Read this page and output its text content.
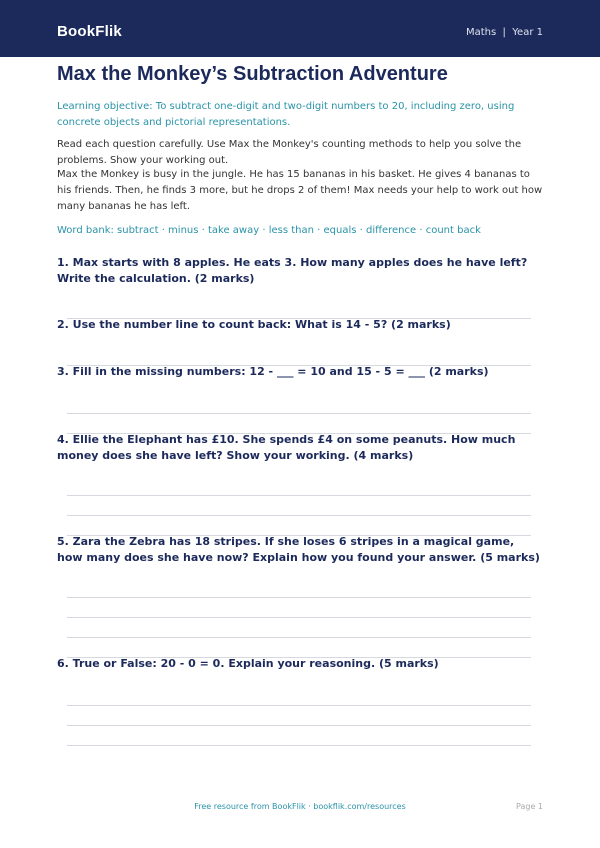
BookFlik	Maths  |  Year 1
Max the Monkey’s Subtraction Adventure

Learning objective: To subtract one-digit and two-digit numbers to 20, including zero, using concrete objects and pictorial representations.

Read each question carefully. Use Max the Monkey's counting methods to help you solve the problems. Show your working out.

Max the Monkey is busy in the jungle. He has 15 bananas in his basket. He gives 4 bananas to his friends. Then, he finds 3 more, but he drops 2 of them! Max needs your help to work out how many bananas he has left.

Word bank: subtract · minus · take away · less than · equals · difference · count back

1. Max starts with 8 apples. He eats 3. How many apples does he have left? Write the calculation. (2 marks)

2. Use the number line to count back: What is 14 - 5? (2 marks)

3. Fill in the missing numbers: 12 - ___ = 10 and 15 - 5 = ___ (2 marks)

4. Ellie the Elephant has £10. She spends £4 on some peanuts. How much money does she have left? Show your working. (4 marks)

5. Zara the Zebra has 18 stripes. If she loses 6 stripes in a magical game, how many does she have now? Explain how you found your answer. (5 marks)

6. True or False: 20 - 0 = 0. Explain your reasoning. (5 marks)

Free resource from BookFlik · bookflik.com/resources	Page 1
